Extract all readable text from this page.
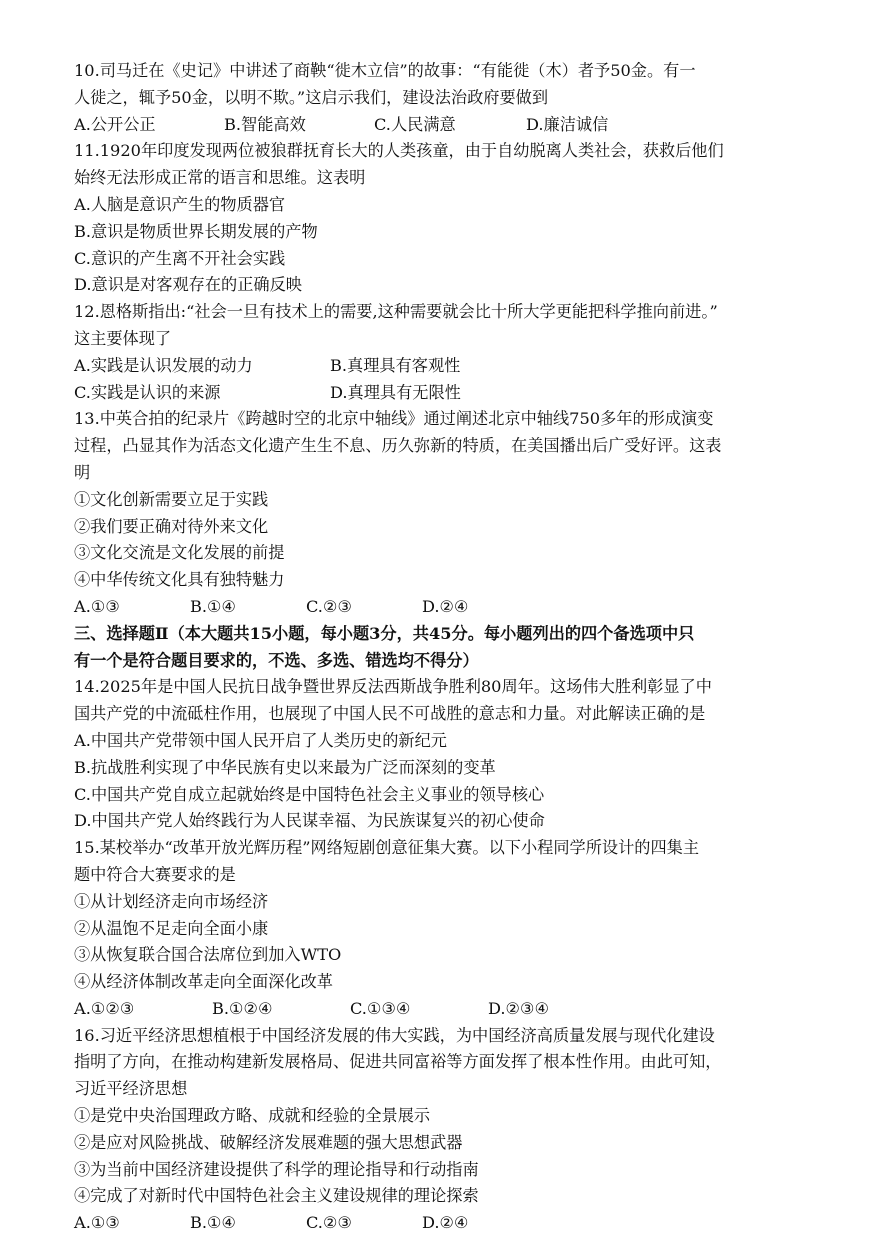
10.司马迁在《史记》中讲述了商鞅“徙木立信”的故事：“有能徙（木）者予50金。有一
人徙之，辄予50金，以明不欺。”这启示我们，建设法治政府要做到
A.公开公正	B.智能高效	C.人民满意	D.廉洁诚信
11.1920年印度发现两位被狼群抚育长大的人类孩童，由于自幼脱离人类社会，获救后他们
始终无法形成正常的语言和思维。这表明
A.人脑是意识产生的物质器官
B.意识是物质世界长期发展的产物
C.意识的产生离不开社会实践
D.意识是对客观存在的正确反映
12.恩格斯指出:“社会一旦有技术上的需要,这种需要就会比十所大学更能把科学推向前进。”
这主要体现了
A.实践是认识发展的动力	B.真理具有客观性
C.实践是认识的来源	D.真理具有无限性
13.中英合拍的纪录片《跨越时空的北京中轴线》通过阐述北京中轴线750多年的形成演变
过程，凸显其作为活态文化遗产生生不息、历久弥新的特质，在美国播出后广受好评。这表
明
①文化创新需要立足于实践
②我们要正确对待外来文化
③文化交流是文化发展的前提
④中华传统文化具有独特魅力
A.①③	B.①④	C.②③	D.②④
三、选择题Ⅱ（本大题共15小题，每小题3分，共45分。每小题列出的四个备选项中只
有一个是符合题目要求的，不选、多选、错选均不得分）
14.2025年是中国人民抗日战争暨世界反法西斯战争胜利80周年。这场伟大胜利彰显了中
国共产党的中流砥柱作用，也展现了中国人民不可战胜的意志和力量。对此解读正确的是
A.中国共产党带领中国人民开启了人类历史的新纪元
B.抗战胜利实现了中华民族有史以来最为广泛而深刻的变革
C.中国共产党自成立起就始终是中国特色社会主义事业的领导核心
D.中国共产党人始终践行为人民谋幸福、为民族谋复兴的初心使命
15.某校举办“改革开放光辉历程”网络短剧创意征集大赛。以下小程同学所设计的四集主
题中符合大赛要求的是
①从计划经济走向市场经济
②从温饱不足走向全面小康
③从恢复联合国合法席位到加入WTO
④从经济体制改革走向全面深化改革
A.①②③	B.①②④	C.①③④	D.②③④
16.习近平经济思想植根于中国经济发展的伟大实践，为中国经济高质量发展与现代化建设
指明了方向，在推动构建新发展格局、促进共同富裕等方面发挥了根本性作用。由此可知，
习近平经济思想
①是党中央治国理政方略、成就和经验的全景展示
②是应对风险挑战、破解经济发展难题的强大思想武器
③为当前中国经济建设提供了科学的理论指导和行动指南
④完成了对新时代中国特色社会主义建设规律的理论探索
A.①③	B.①④	C.②③	D.②④
